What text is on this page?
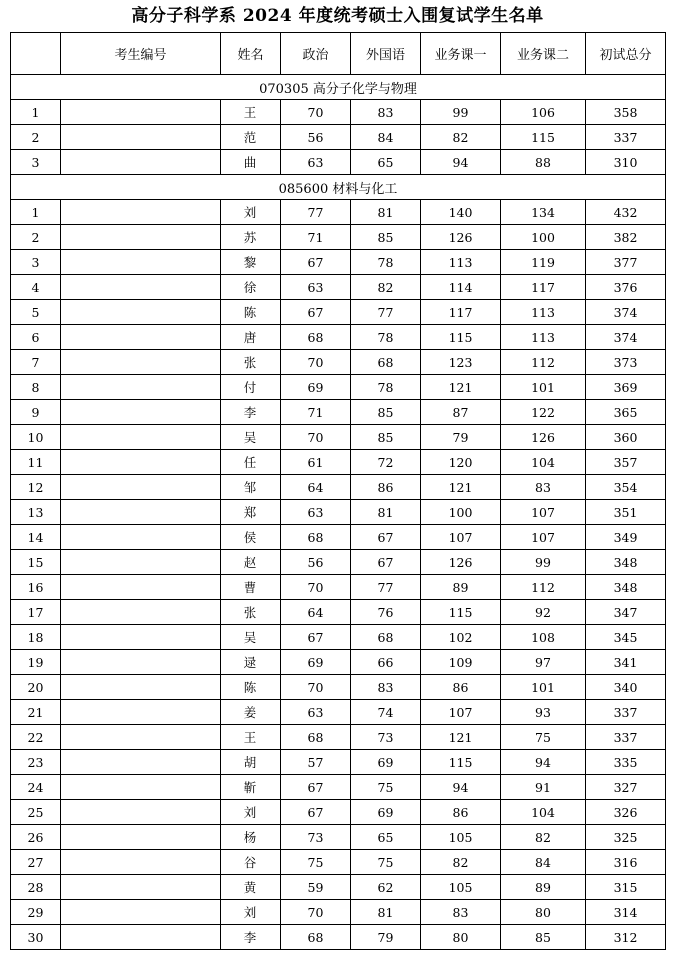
高分子科学系 2024 年度统考硕士入围复试学生名单
	考生编号	姓名	政治	外国语	业务课一	业务课二	初试总分
070305 高分子化学与物理							
1		王	70	83	99	106	358
2		范	56	84	82	115	337
3		曲	63	65	94	88	310
085600 材料与化工							
1		刘	77	81	140	134	432
2		苏	71	85	126	100	382
3		黎	67	78	113	119	377
4		徐	63	82	114	117	376
5		陈	67	77	117	113	374
6		唐	68	78	115	113	374
7		张	70	68	123	112	373
8		付	69	78	121	101	369
9		李	71	85	87	122	365
10		吴	70	85	79	126	360
11		任	61	72	120	104	357
12		邹	64	86	121	83	354
13		郑	63	81	100	107	351
14		侯	68	67	107	107	349
15		赵	56	67	126	99	348
16		曹	70	77	89	112	348
17		张	64	76	115	92	347
18		吴	67	68	102	108	345
19		逯	69	66	109	97	341
20		陈	70	83	86	101	340
21		姜	63	74	107	93	337
22		王	68	73	121	75	337
23		胡	57	69	115	94	335
24		靳	67	75	94	91	327
25		刘	67	69	86	104	326
26		杨	73	65	105	82	325
27		谷	75	75	82	84	316
28		黄	59	62	105	89	315
29		刘	70	81	83	80	314
30		李	68	79	80	85	312
